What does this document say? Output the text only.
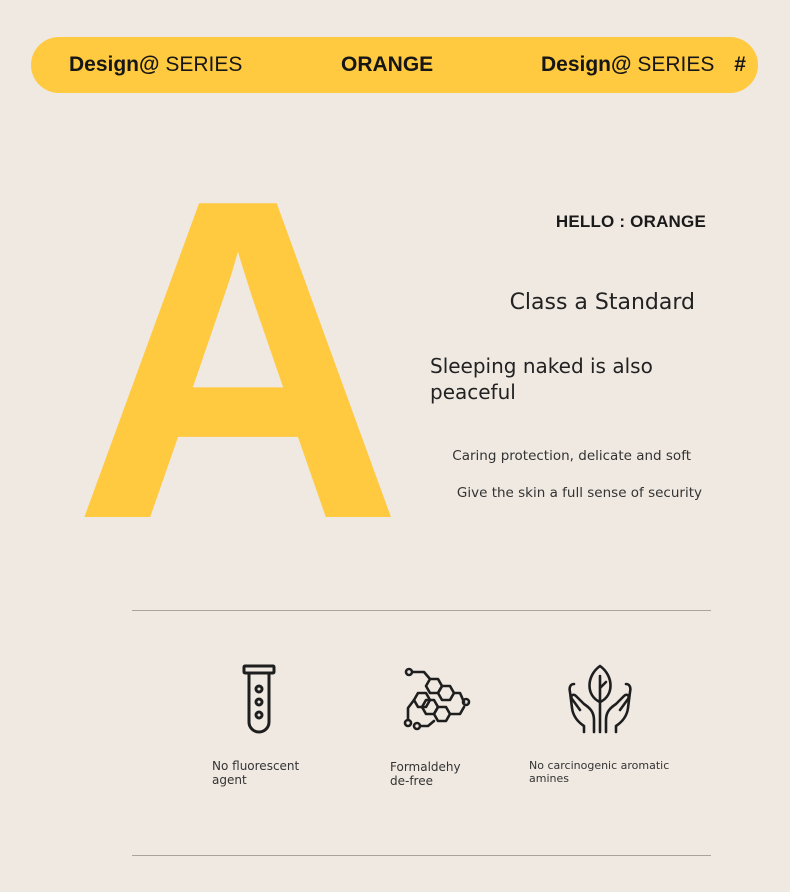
Design@ SERIES	ORANGE	Design@ SERIES #
A	HELLO : ORANGE
Class a Standard
Sleeping naked is also peaceful
Caring protection, delicate and soft
Give the skin a full sense of security
No fluorescent agent
Formaldehyde-free
No carcinogenic aromatic amines
